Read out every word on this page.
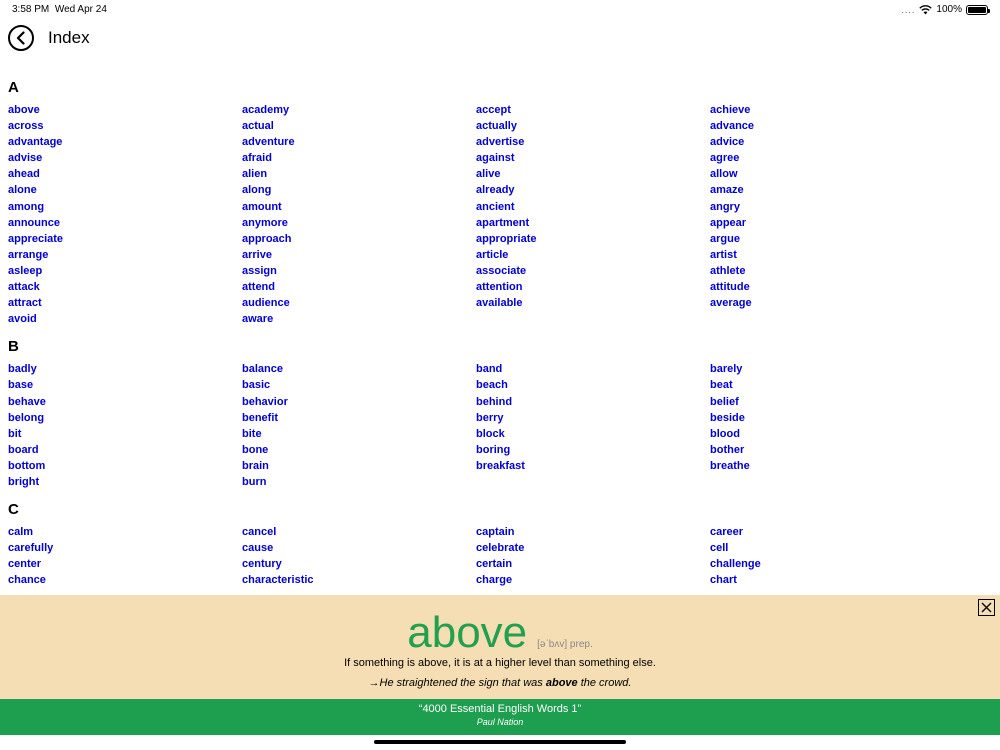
3:58 PM Wed Apr 24	.... 100%
Index
A
above	academy	accept	achieve
across	actual	actually	advance
advantage	adventure	advertise	advice
advise	afraid	against	agree
ahead	alien	alive	allow
alone	along	already	amaze
among	amount	ancient	angry
announce	anymore	apartment	appear
appreciate	approach	appropriate	argue
arrange	arrive	article	artist
asleep	assign	associate	athlete
attack	attend	attention	attitude
attract	audience	available	average
avoid	aware
B
badly	balance	band	barely
base	basic	beach	beat
behave	behavior	behind	belief
belong	benefit	berry	beside
bit	bite	block	blood
board	bone	boring	bother
bottom	brain	breakfast	breathe
bright	burn
C
calm	cancel	captain	career
carefully	cause	celebrate	cell
center	century	certain	challenge
chance	characteristic	charge	chart
above [əˈbʌv] prep.
If something is above, it is at a higher level than something else.
→He straightened the sign that was above the crowd.
“4000 Essential English Words 1”
Paul Nation
